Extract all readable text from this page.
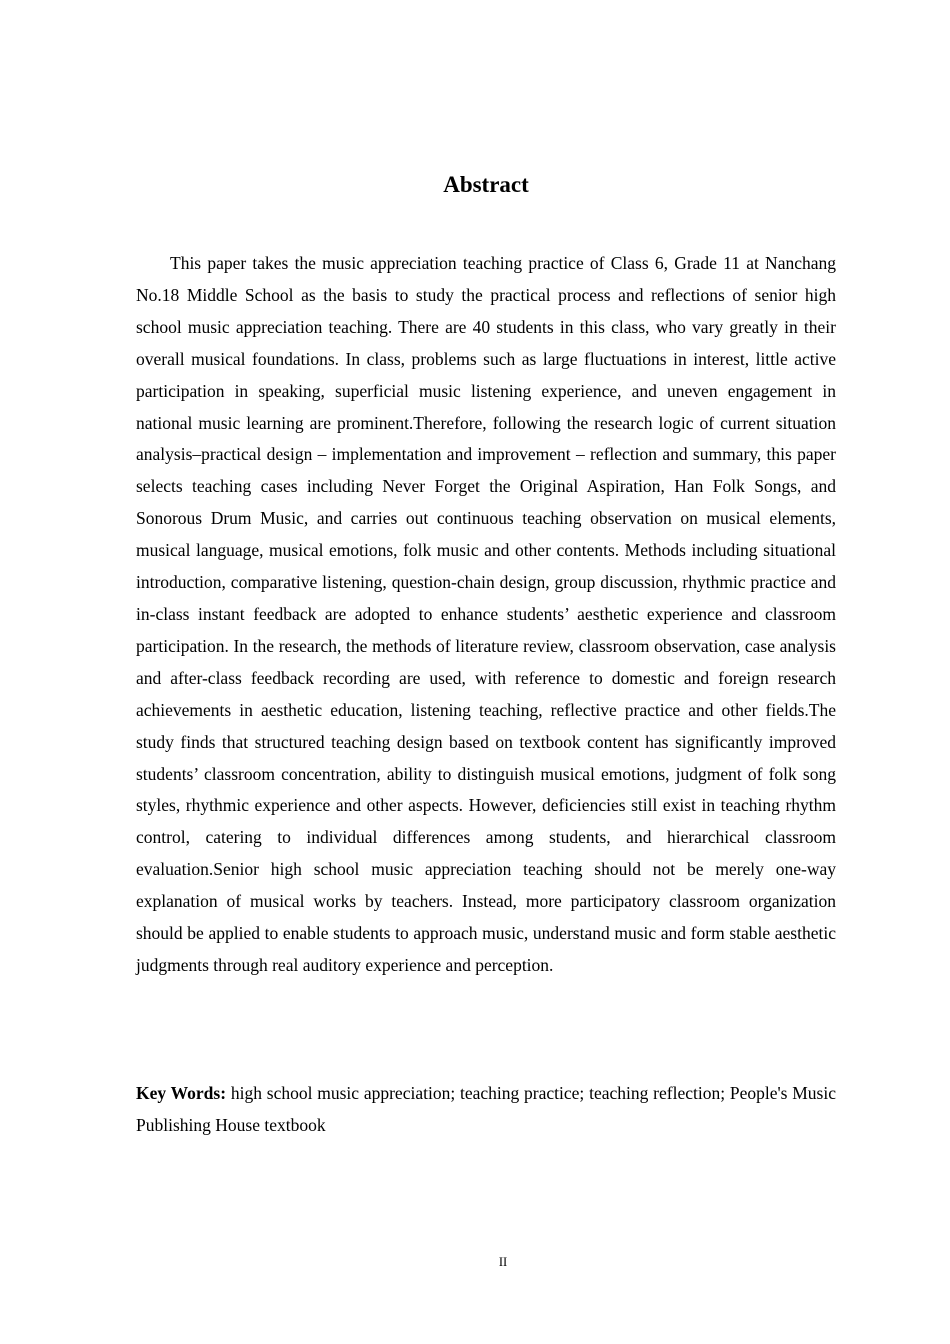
Abstract

This paper takes the music appreciation teaching practice of Class 6, Grade 11 at Nanchang No.18 Middle School as the basis to study the practical process and reflections of senior high school music appreciation teaching. There are 40 students in this class, who vary greatly in their overall musical foundations. In class, problems such as large fluctuations in interest, little active participation in speaking, superficial music listening experience, and uneven engagement in national music learning are prominent.Therefore, following the research logic of current situation analysis–practical design – implementation and improvement – reflection and summary, this paper selects teaching cases including Never Forget the Original Aspiration, Han Folk Songs, and Sonorous Drum Music, and carries out continuous teaching observation on musical elements, musical language, musical emotions, folk music and other contents. Methods including situational introduction, comparative listening, question-chain design, group discussion, rhythmic practice and in-class instant feedback are adopted to enhance students’ aesthetic experience and classroom participation. In the research, the methods of literature review, classroom observation, case analysis and after-class feedback recording are used, with reference to domestic and foreign research achievements in aesthetic education, listening teaching, reflective practice and other fields.The study finds that structured teaching design based on textbook content has significantly improved students’ classroom concentration, ability to distinguish musical emotions, judgment of folk song styles, rhythmic experience and other aspects. However, deficiencies still exist in teaching rhythm control, catering to individual differences among students, and hierarchical classroom evaluation.Senior high school music appreciation teaching should not be merely one-way explanation of musical works by teachers. Instead, more participatory classroom organization should be applied to enable students to approach music, understand music and form stable aesthetic judgments through real auditory experience and perception.

Key Words: high school music appreciation; teaching practice; teaching reflection; People's Music Publishing House textbook

II
